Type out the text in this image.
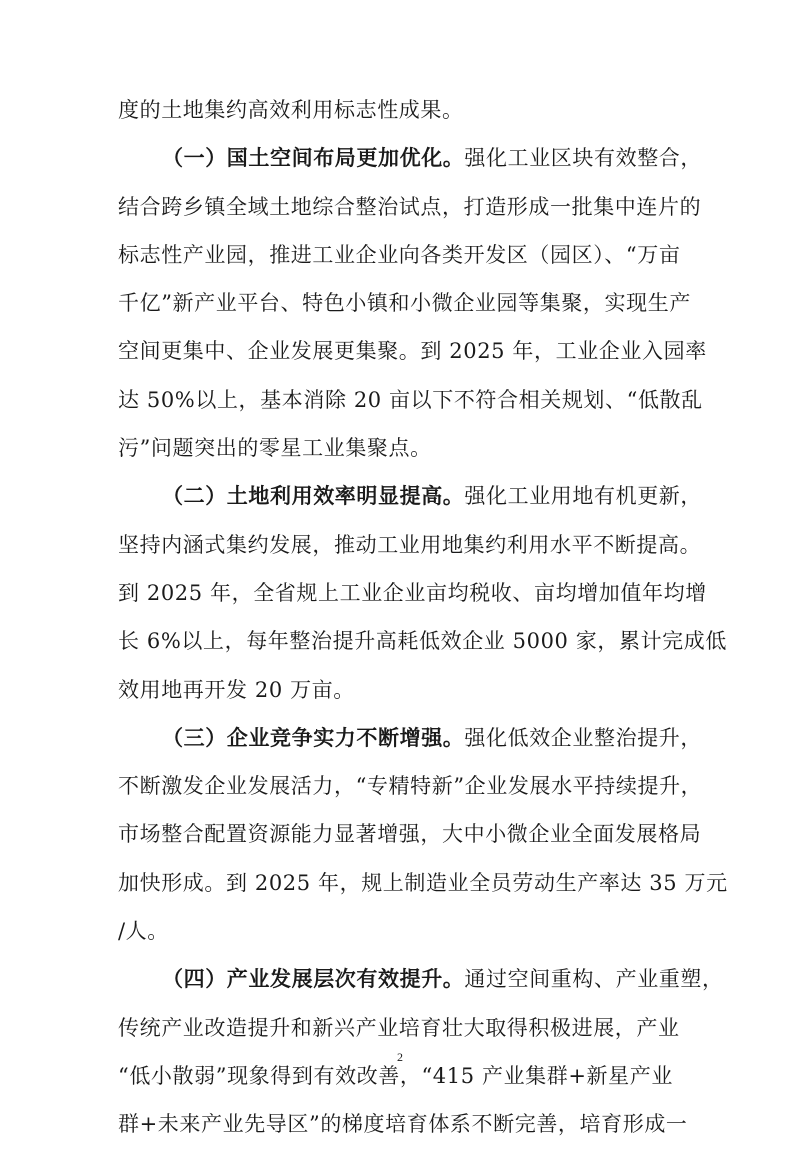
度的土地集约高效利用标志性成果。
（一）国土空间布局更加优化。强化工业区块有效整合，
结合跨乡镇全域土地综合整治试点，打造形成一批集中连片的
标志性产业园，推进工业企业向各类开发区（园区）、“万亩
千亿”新产业平台、特色小镇和小微企业园等集聚，实现生产
空间更集中、企业发展更集聚。到 2025 年，工业企业入园率
达 50%以上，基本消除 20 亩以下不符合相关规划、“低散乱
污”问题突出的零星工业集聚点。
（二）土地利用效率明显提高。强化工业用地有机更新，
坚持内涵式集约发展，推动工业用地集约利用水平不断提高。
到 2025 年，全省规上工业企业亩均税收、亩均增加值年均增
长 6%以上，每年整治提升高耗低效企业 5000 家，累计完成低
效用地再开发 20 万亩。
（三）企业竞争实力不断增强。强化低效企业整治提升，
不断激发企业发展活力，“专精特新”企业发展水平持续提升，
市场整合配置资源能力显著增强，大中小微企业全面发展格局
加快形成。到 2025 年，规上制造业全员劳动生产率达 35 万元
/人。
（四）产业发展层次有效提升。通过空间重构、产业重塑，
传统产业改造提升和新兴产业培育壮大取得积极进展，产业
“低小散弱”现象得到有效改善，“415 产业集群+新星产业
群+未来产业先导区”的梯度培育体系不断完善，培育形成一
2
